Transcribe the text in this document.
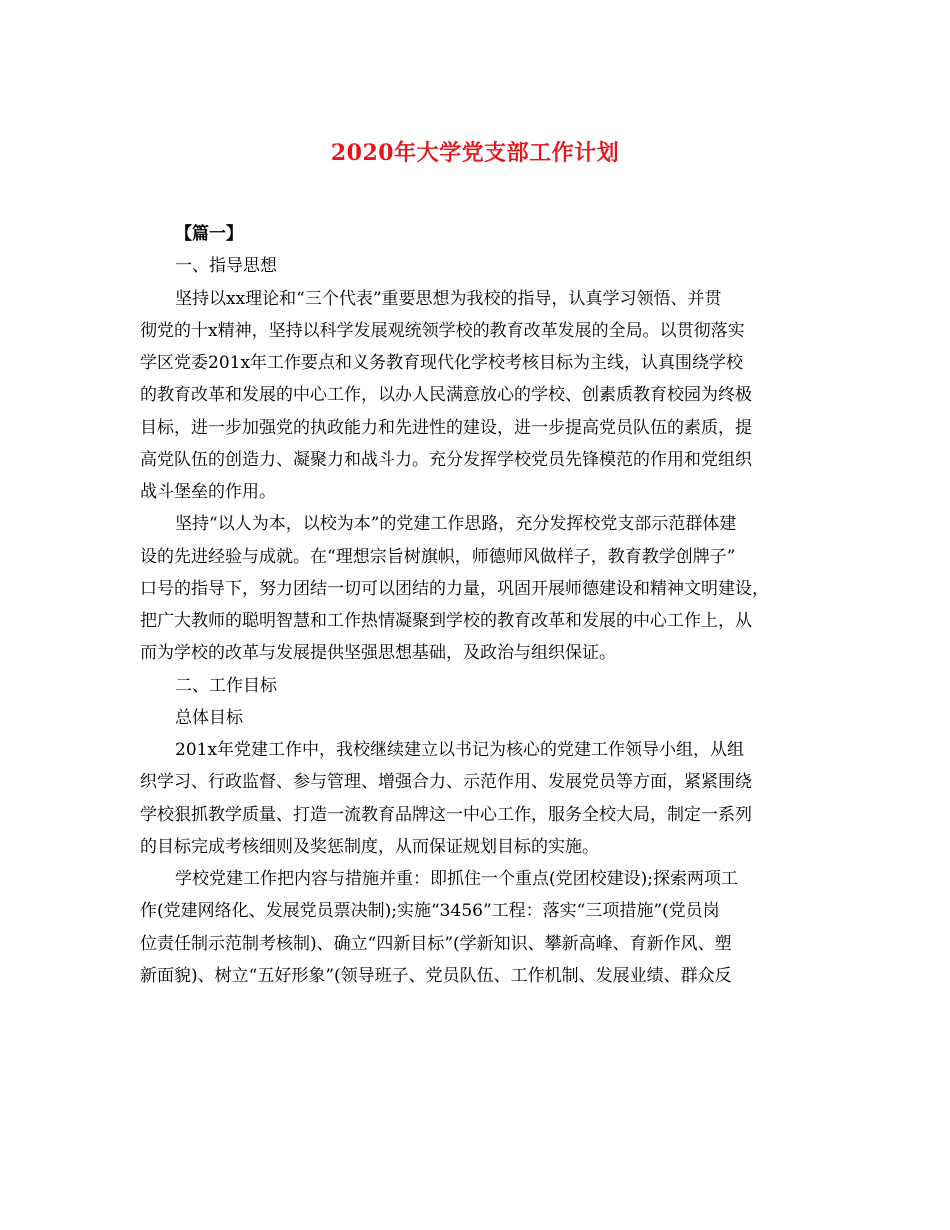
2020年大学党支部工作计划
【篇一】
一、指导思想
坚持以xx理论和“三个代表”重要思想为我校的指导，认真学习领悟、并贯
彻党的十x精神，坚持以科学发展观统领学校的教育改革发展的全局。以贯彻落实
学区党委201x年工作要点和义务教育现代化学校考核目标为主线，认真围绕学校
的教育改革和发展的中心工作，以办人民满意放心的学校、创素质教育校园为终极
目标，进一步加强党的执政能力和先进性的建设，进一步提高党员队伍的素质，提
高党队伍的创造力、凝聚力和战斗力。充分发挥学校党员先锋模范的作用和党组织
战斗堡垒的作用。
坚持“以人为本，以校为本”的党建工作思路，充分发挥校党支部示范群体建
设的先进经验与成就。在“理想宗旨树旗帜，师德师风做样子，教育教学创牌子”
口号的指导下，努力团结一切可以团结的力量，巩固开展师德建设和精神文明建设，
把广大教师的聪明智慧和工作热情凝聚到学校的教育改革和发展的中心工作上，从
而为学校的改革与发展提供坚强思想基础，及政治与组织保证。
二、工作目标
总体目标
201x年党建工作中，我校继续建立以书记为核心的党建工作领导小组，从组
织学习、行政监督、参与管理、增强合力、示范作用、发展党员等方面，紧紧围绕
学校狠抓教学质量、打造一流教育品牌这一中心工作，服务全校大局，制定一系列
的目标完成考核细则及奖惩制度，从而保证规划目标的实施。
学校党建工作把内容与措施并重：即抓住一个重点(党团校建设);探索两项工
作(党建网络化、发展党员票决制);实施“3456”工程：落实“三项措施”(党员岗
位责任制示范制考核制)、确立“四新目标”(学新知识、攀新高峰、育新作风、塑
新面貌)、树立“五好形象”(领导班子、党员队伍、工作机制、发展业绩、群众反
